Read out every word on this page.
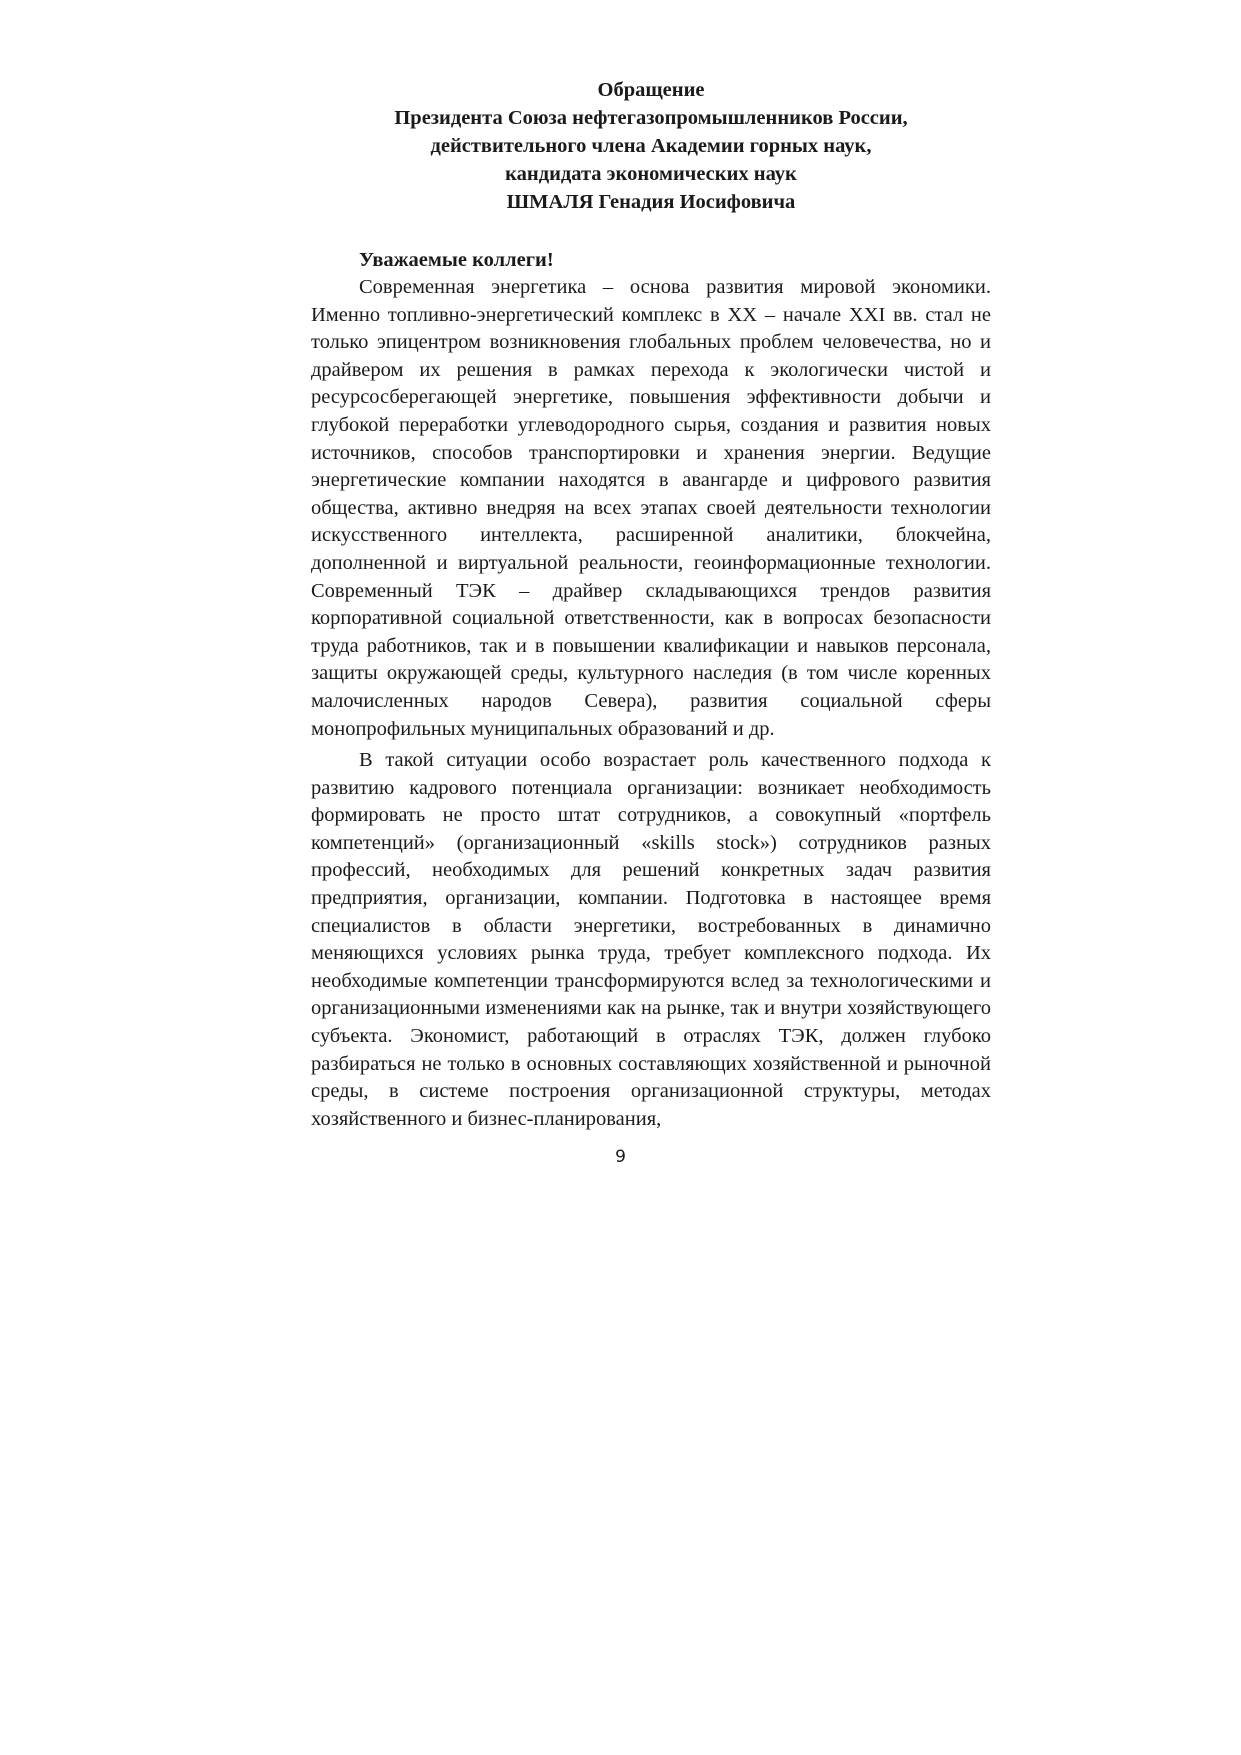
Обращение
Президента Союза нефтегазопромышленников России,
действительного члена Академии горных наук,
кандидата экономических наук
ШМАЛЯ Генадия Иосифовича

Уважаемые коллеги!

Современная энергетика – основа развития мировой экономики. Именно топливно-энергетический комплекс в XX – начале XXI вв. стал не только эпицентром возникновения глобальных проблем человечества, но и драйвером их решения в рамках перехода к экологически чистой и ресурсосберегающей энергетике, повышения эффективности добычи и глубокой переработки углеводородного сырья, создания и развития новых источников, способов транспортировки и хранения энергии. Ведущие энергетические компании находятся в авангарде и цифрового развития общества, активно внедряя на всех этапах своей деятельности технологии искусственного интеллекта, расширенной аналитики, блокчейна, дополненной и виртуальной реальности, геоинформационные технологии. Современный ТЭК – драйвер складывающихся трендов развития корпоративной социальной ответственности, как в вопросах безопасности труда работников, так и в повышении квалификации и навыков персонала, защиты окружающей среды, культурного наследия (в том числе коренных малочисленных народов Севера), развития социальной сферы монопрофильных муниципальных образований и др.

В такой ситуации особо возрастает роль качественного подхода к развитию кадрового потенциала организации: возникает необходимость формировать не просто штат сотрудников, а совокупный «портфель компетенций» (организационный «skills stock») сотрудников разных профессий, необходимых для решений конкретных задач развития предприятия, организации, компании. Подготовка в настоящее время специалистов в области энергетики, востребованных в динамично меняющихся условиях рынка труда, требует комплексного подхода. Их необходимые компетенции трансформируются вслед за технологическими и организационными изменениями как на рынке, так и внутри хозяйствующего субъекта. Экономист, работающий в отраслях ТЭК, должен глубоко разбираться не только в основных составляющих хозяйственной и рыночной среды, в системе построения организационной структуры, методах хозяйственного и бизнес-планирования,

9
